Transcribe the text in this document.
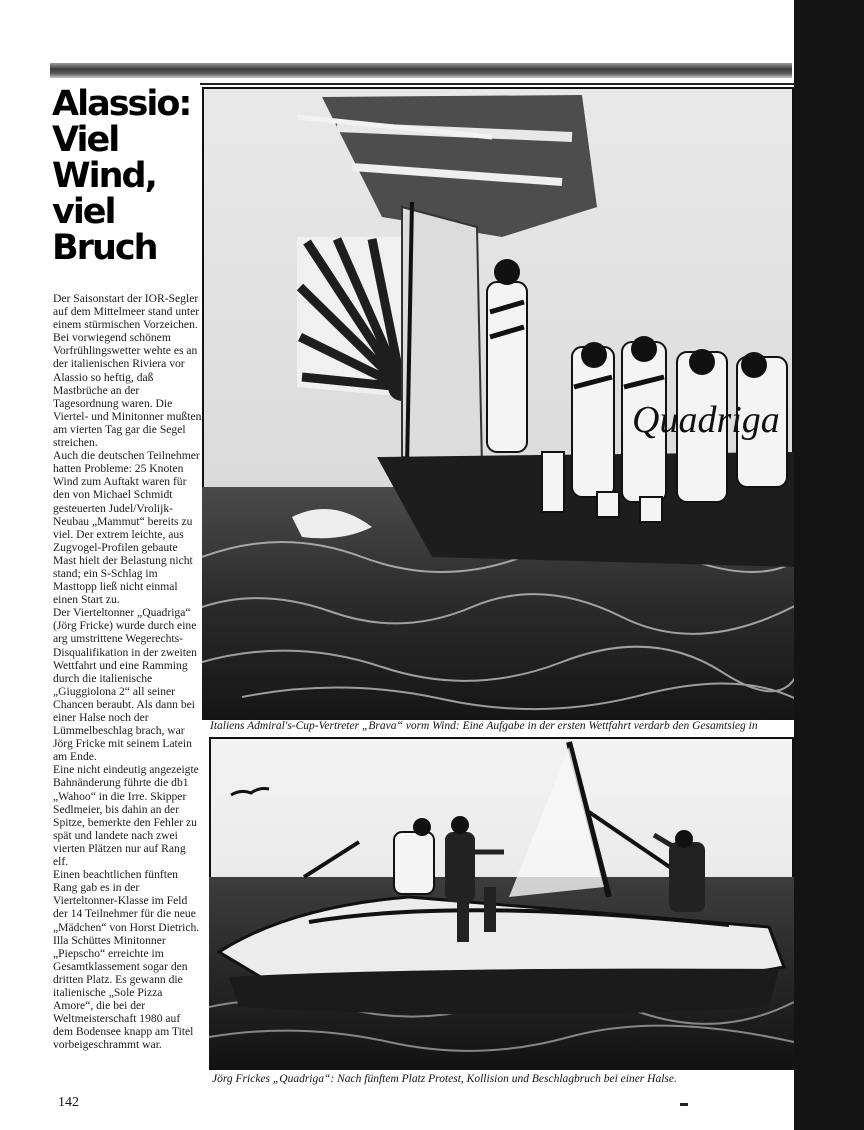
Alassio:
Viel
Wind,
viel
Bruch

Der Saisonstart der IOR-Segler auf dem Mittelmeer stand unter einem stürmischen Vorzeichen. Bei vorwiegend schönem Vorfrühlingswetter wehte es an der italienischen Riviera vor Alassio so heftig, daß Mastbrüche an der Tagesordnung waren. Die Viertel- und Minitonner mußten am vierten Tag gar die Segel streichen.

Auch die deutschen Teilnehmer hatten Probleme: 25 Knoten Wind zum Auftakt waren für den von Michael Schmidt gesteuerten Judel/Vrolijk-Neubau „Mammut“ bereits zu viel. Der extrem leichte, aus Zugvogel-Profilen gebaute Mast hielt der Belastung nicht stand; ein S-Schlag im Masttopp ließ nicht einmal einen Start zu.

Der Vierteltonner „Quadriga“ (Jörg Fricke) wurde durch eine arg umstrittene Wegerechts-Disqualifikation in der zweiten Wettfahrt und eine Ramming durch die italienische „Giuggiolona 2“ all seiner Chancen beraubt. Als dann bei einer Halse noch der Lümmelbeschlag brach, war Jörg Fricke mit seinem Latein am Ende.

Eine nicht eindeutig angezeigte Bahnänderung führte die db1 „Wahoo“ in die Irre. Skipper Sedlmeier, bis dahin an der Spitze, bemerkte den Fehler zu spät und landete nach zwei vierten Plätzen nur auf Rang elf.

Einen beachtlichen fünften Rang gab es in der Vierteltonner-Klasse im Feld der 14 Teilnehmer für die neue „Mädchen“ von Horst Dietrich. Illa Schüttes Minitonner „Piepscho“ erreichte im Gesamtklassement sogar den dritten Platz. Es gewann die italienische „Sole Pizza Amore“, die bei der Weltmeisterschaft 1980 auf dem Bodensee knapp am Titel vorbeigeschrammt war.

Quadriga
Italiens Admiral's-Cup-Vertreter „Brava“ vorm Wind: Eine Aufgabe in der ersten Wettfahrt verdarb den Gesamtsieg in
Jörg Frickes „Quadriga“: Nach fünftem Platz Protest, Kollision und Beschlagbruch bei einer Halse.
142
